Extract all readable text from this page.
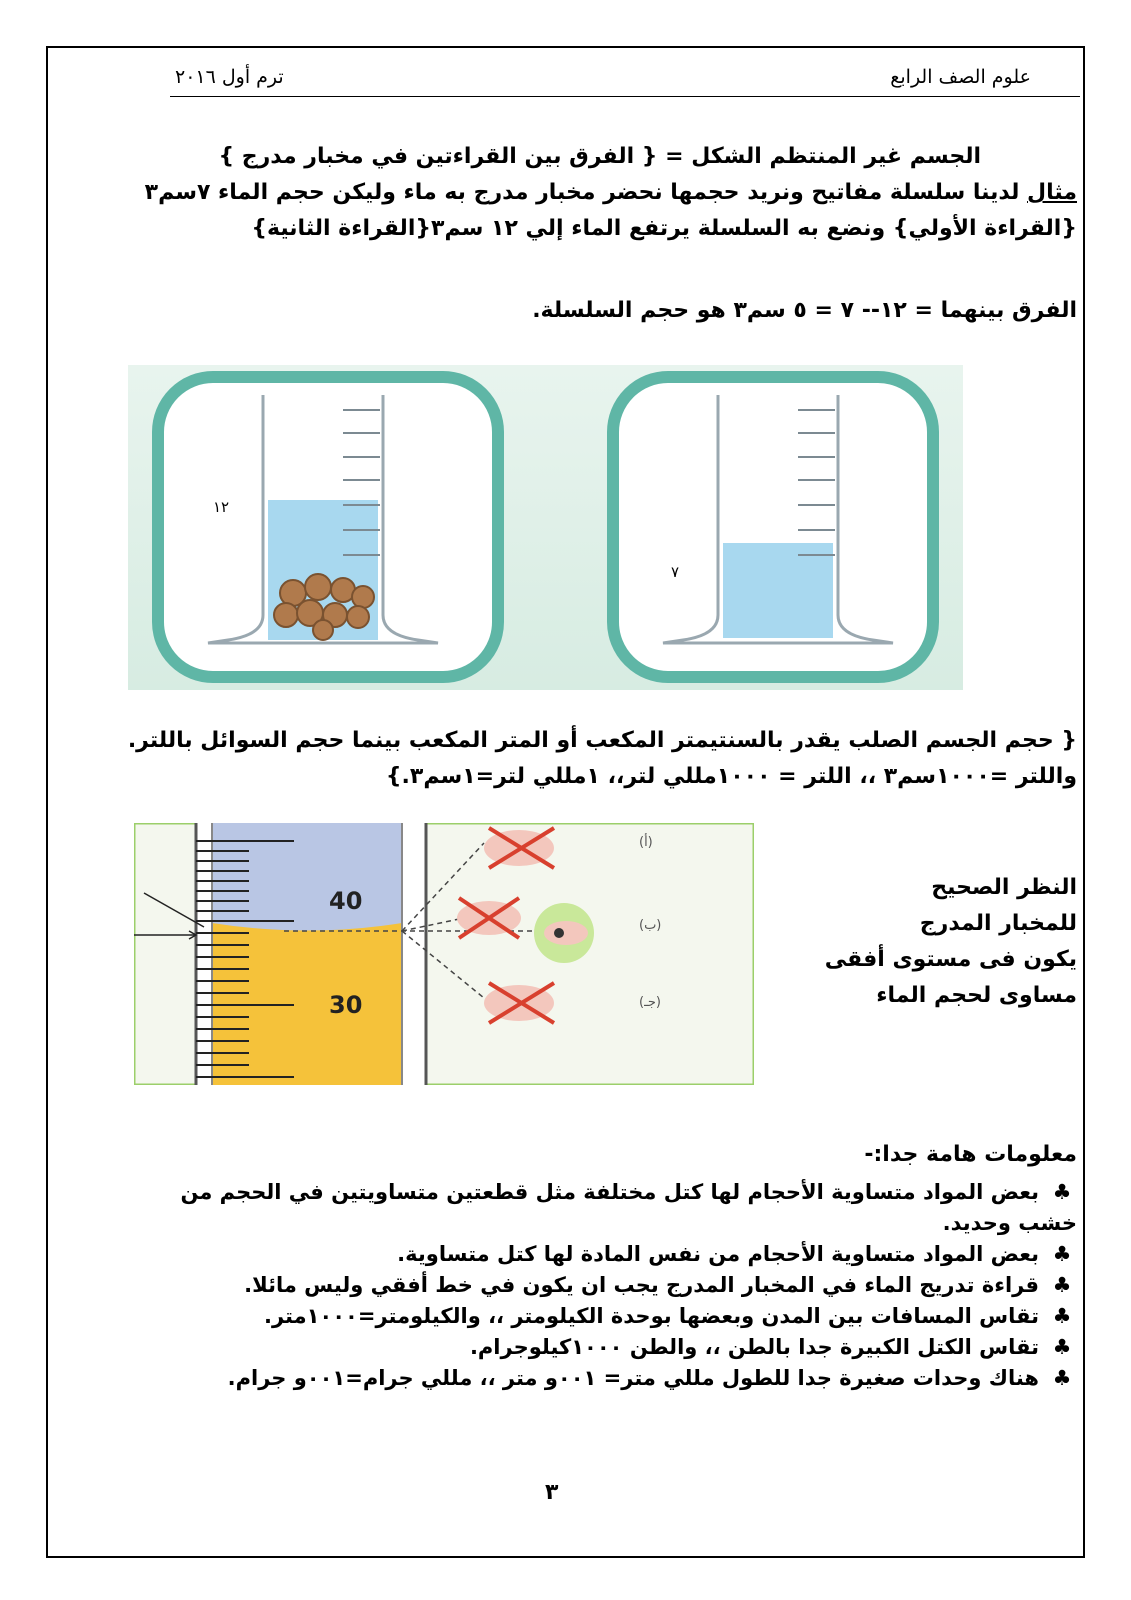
علوم الصف الرابع
ترم أول ٢٠١٦
الجسم غير المنتظم الشكل = { الفرق بين القراءتين في مخبار مدرج }
مثال لدينا سلسلة مفاتيح ونريد حجمها نحضر مخبار مدرج به ماء وليكن حجم الماء ٧سم٣
{القراءة الأولي} ونضع به السلسلة يرتفع الماء إلي ١٢ سم٣{القراءة الثانية}
الفرق بينهما = ١٢-- ٧ = ٥ سم٣ هو حجم السلسلة.
١٢
٧
{ حجم الجسم الصلب يقدر بالسنتيمتر المكعب أو المتر المكعب بينما حجم السوائل باللتر.
واللتر =١٠٠٠سم٣ ،، اللتر = ١٠٠٠مللي لتر،، ١مللي لتر=١سم٣.}
40
30
(أ)
(ب)
(جـ)
النظر الصحيح
للمخبار المدرج
يكون فى مستوى أفقى
مساوى لحجم الماء
معلومات هامة جدا:-
♣بعض المواد متساوية الأحجام لها كتل مختلفة مثل قطعتين متساويتين في الحجم من
خشب وحديد.
♣بعض المواد متساوية الأحجام من نفس المادة لها كتل متساوية.
♣قراءة تدريج الماء في المخبار المدرج يجب ان يكون في خط أفقي وليس مائلا.
♣تقاس المسافات بين المدن وبعضها بوحدة الكيلومتر ،، والكيلومتر=١٠٠٠متر.
♣تقاس الكتل الكبيرة جدا بالطن ،، والطن ١٠٠٠كيلوجرام.
♣هناك وحدات صغيرة جدا للطول مللي متر= ٠٠١و متر ،، مللي جرام=٠٠١و جرام.
٣
